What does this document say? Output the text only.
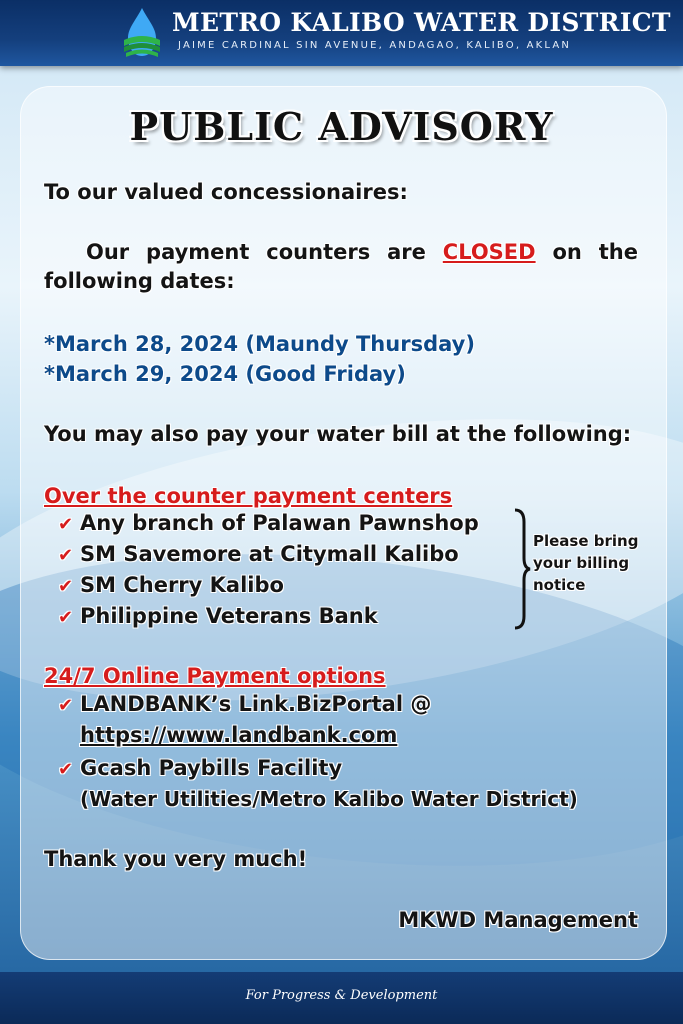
METRO KALIBO WATER DISTRICT
JAIME CARDINAL SIN AVENUE, ANDAGAO, KALIBO, AKLAN
PUBLIC ADVISORY
To our valued concessionaires:
Our payment counters are CLOSED on the following dates:
*March 28, 2024 (Maundy Thursday)
*March 29, 2024 (Good Friday)
You may also pay your water bill at the following:
Over the counter payment centers
✔ Any branch of Palawan Pawnshop
✔ SM Savemore at Citymall Kalibo
✔ SM Cherry Kalibo
✔ Philippine Veterans Bank
Please bring your billing notice
24/7 Online Payment options
✔ LANDBANK’s Link.BizPortal @
https://www.landbank.com
✔ Gcash Paybills Facility
(Water Utilities/Metro Kalibo Water District)
Thank you very much!
MKWD Management
For Progress & Development
